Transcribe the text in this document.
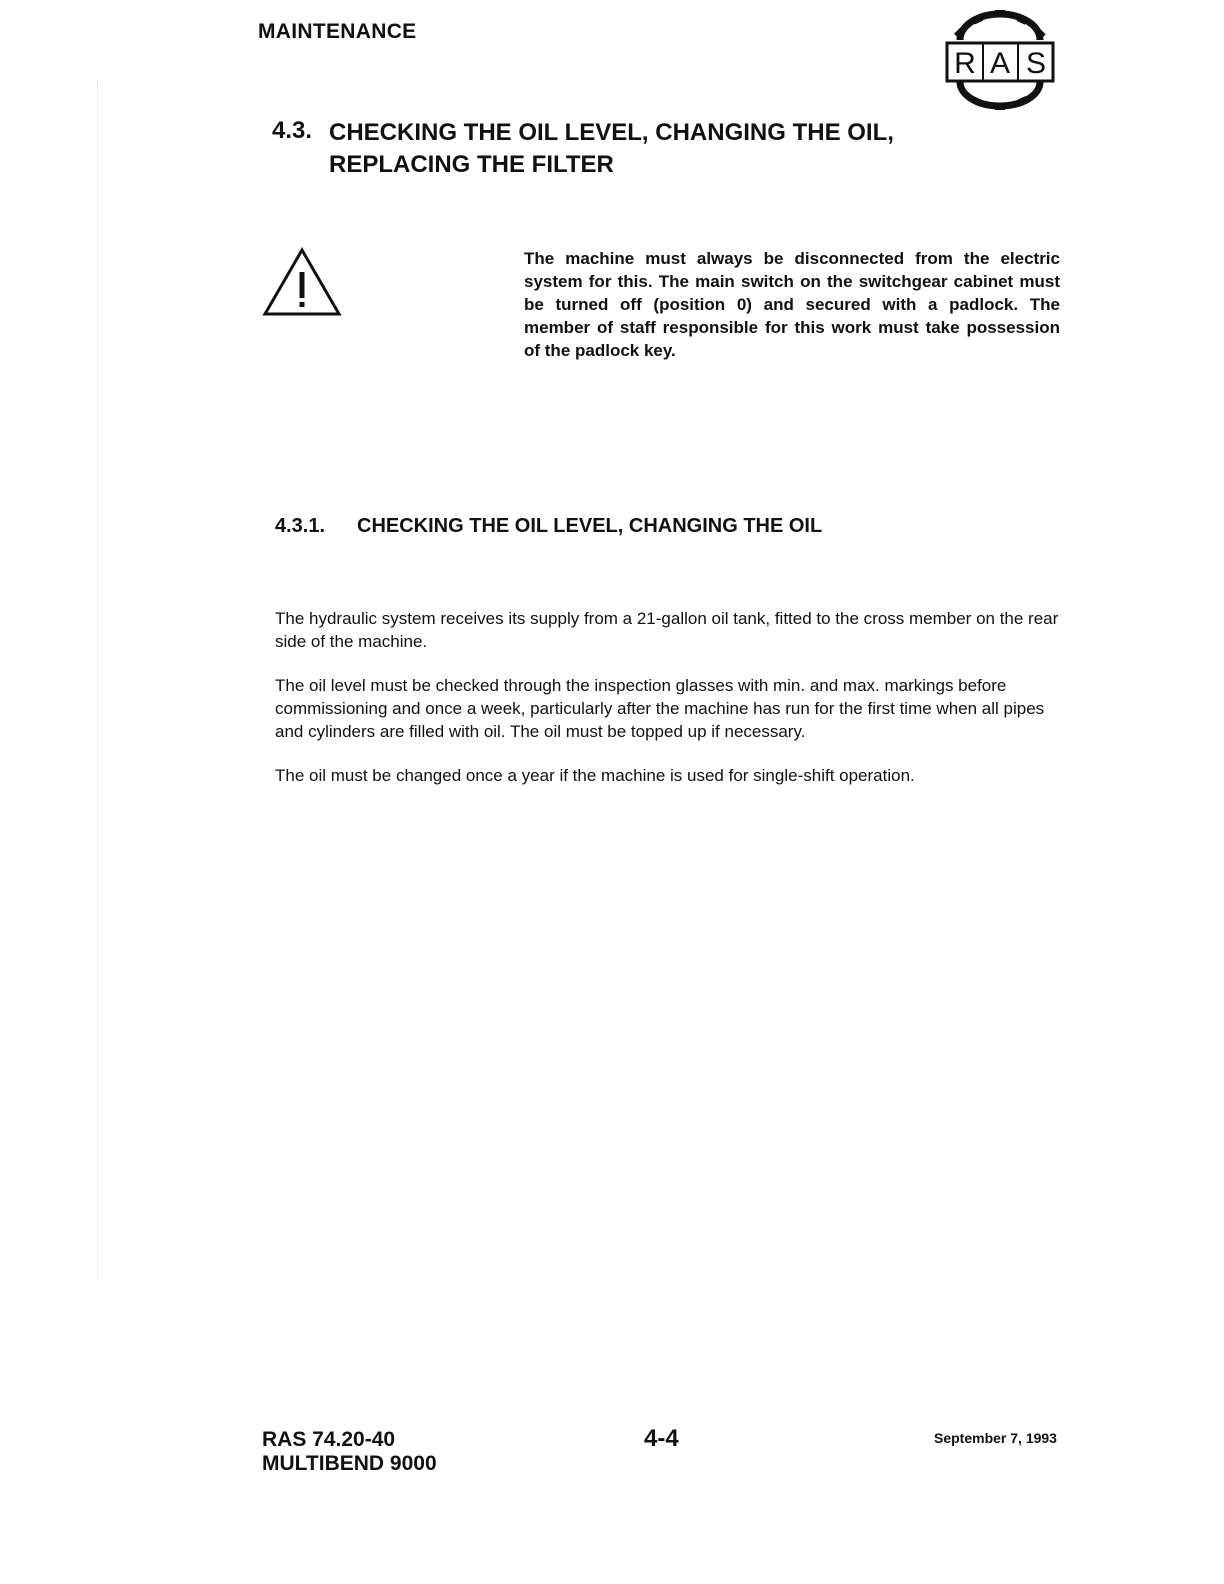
MAINTENANCE
R A S
4.3. CHECKING THE OIL LEVEL, CHANGING THE OIL,
REPLACING THE FILTER
The machine must always be disconnected from the electric system for this. The main switch on the switchgear cabinet must be turned off (position 0) and secured with a padlock. The member of staff responsible for this work must take possession of the padlock key.
4.3.1. CHECKING THE OIL LEVEL, CHANGING THE OIL

The hydraulic system receives its supply from a 21-gallon oil tank, fitted to the cross member on the rear side of the machine.

The oil level must be checked through the inspection glasses with min. and max. markings before commissioning and once a week, particularly after the machine has run for the first time when all pipes and cylinders are filled with oil. The oil must be topped up if necessary.

The oil must be changed once a year if the machine is used for single-shift operation.

RAS 74.20-40
MULTIBEND 9000
4-4	September 7, 1993
